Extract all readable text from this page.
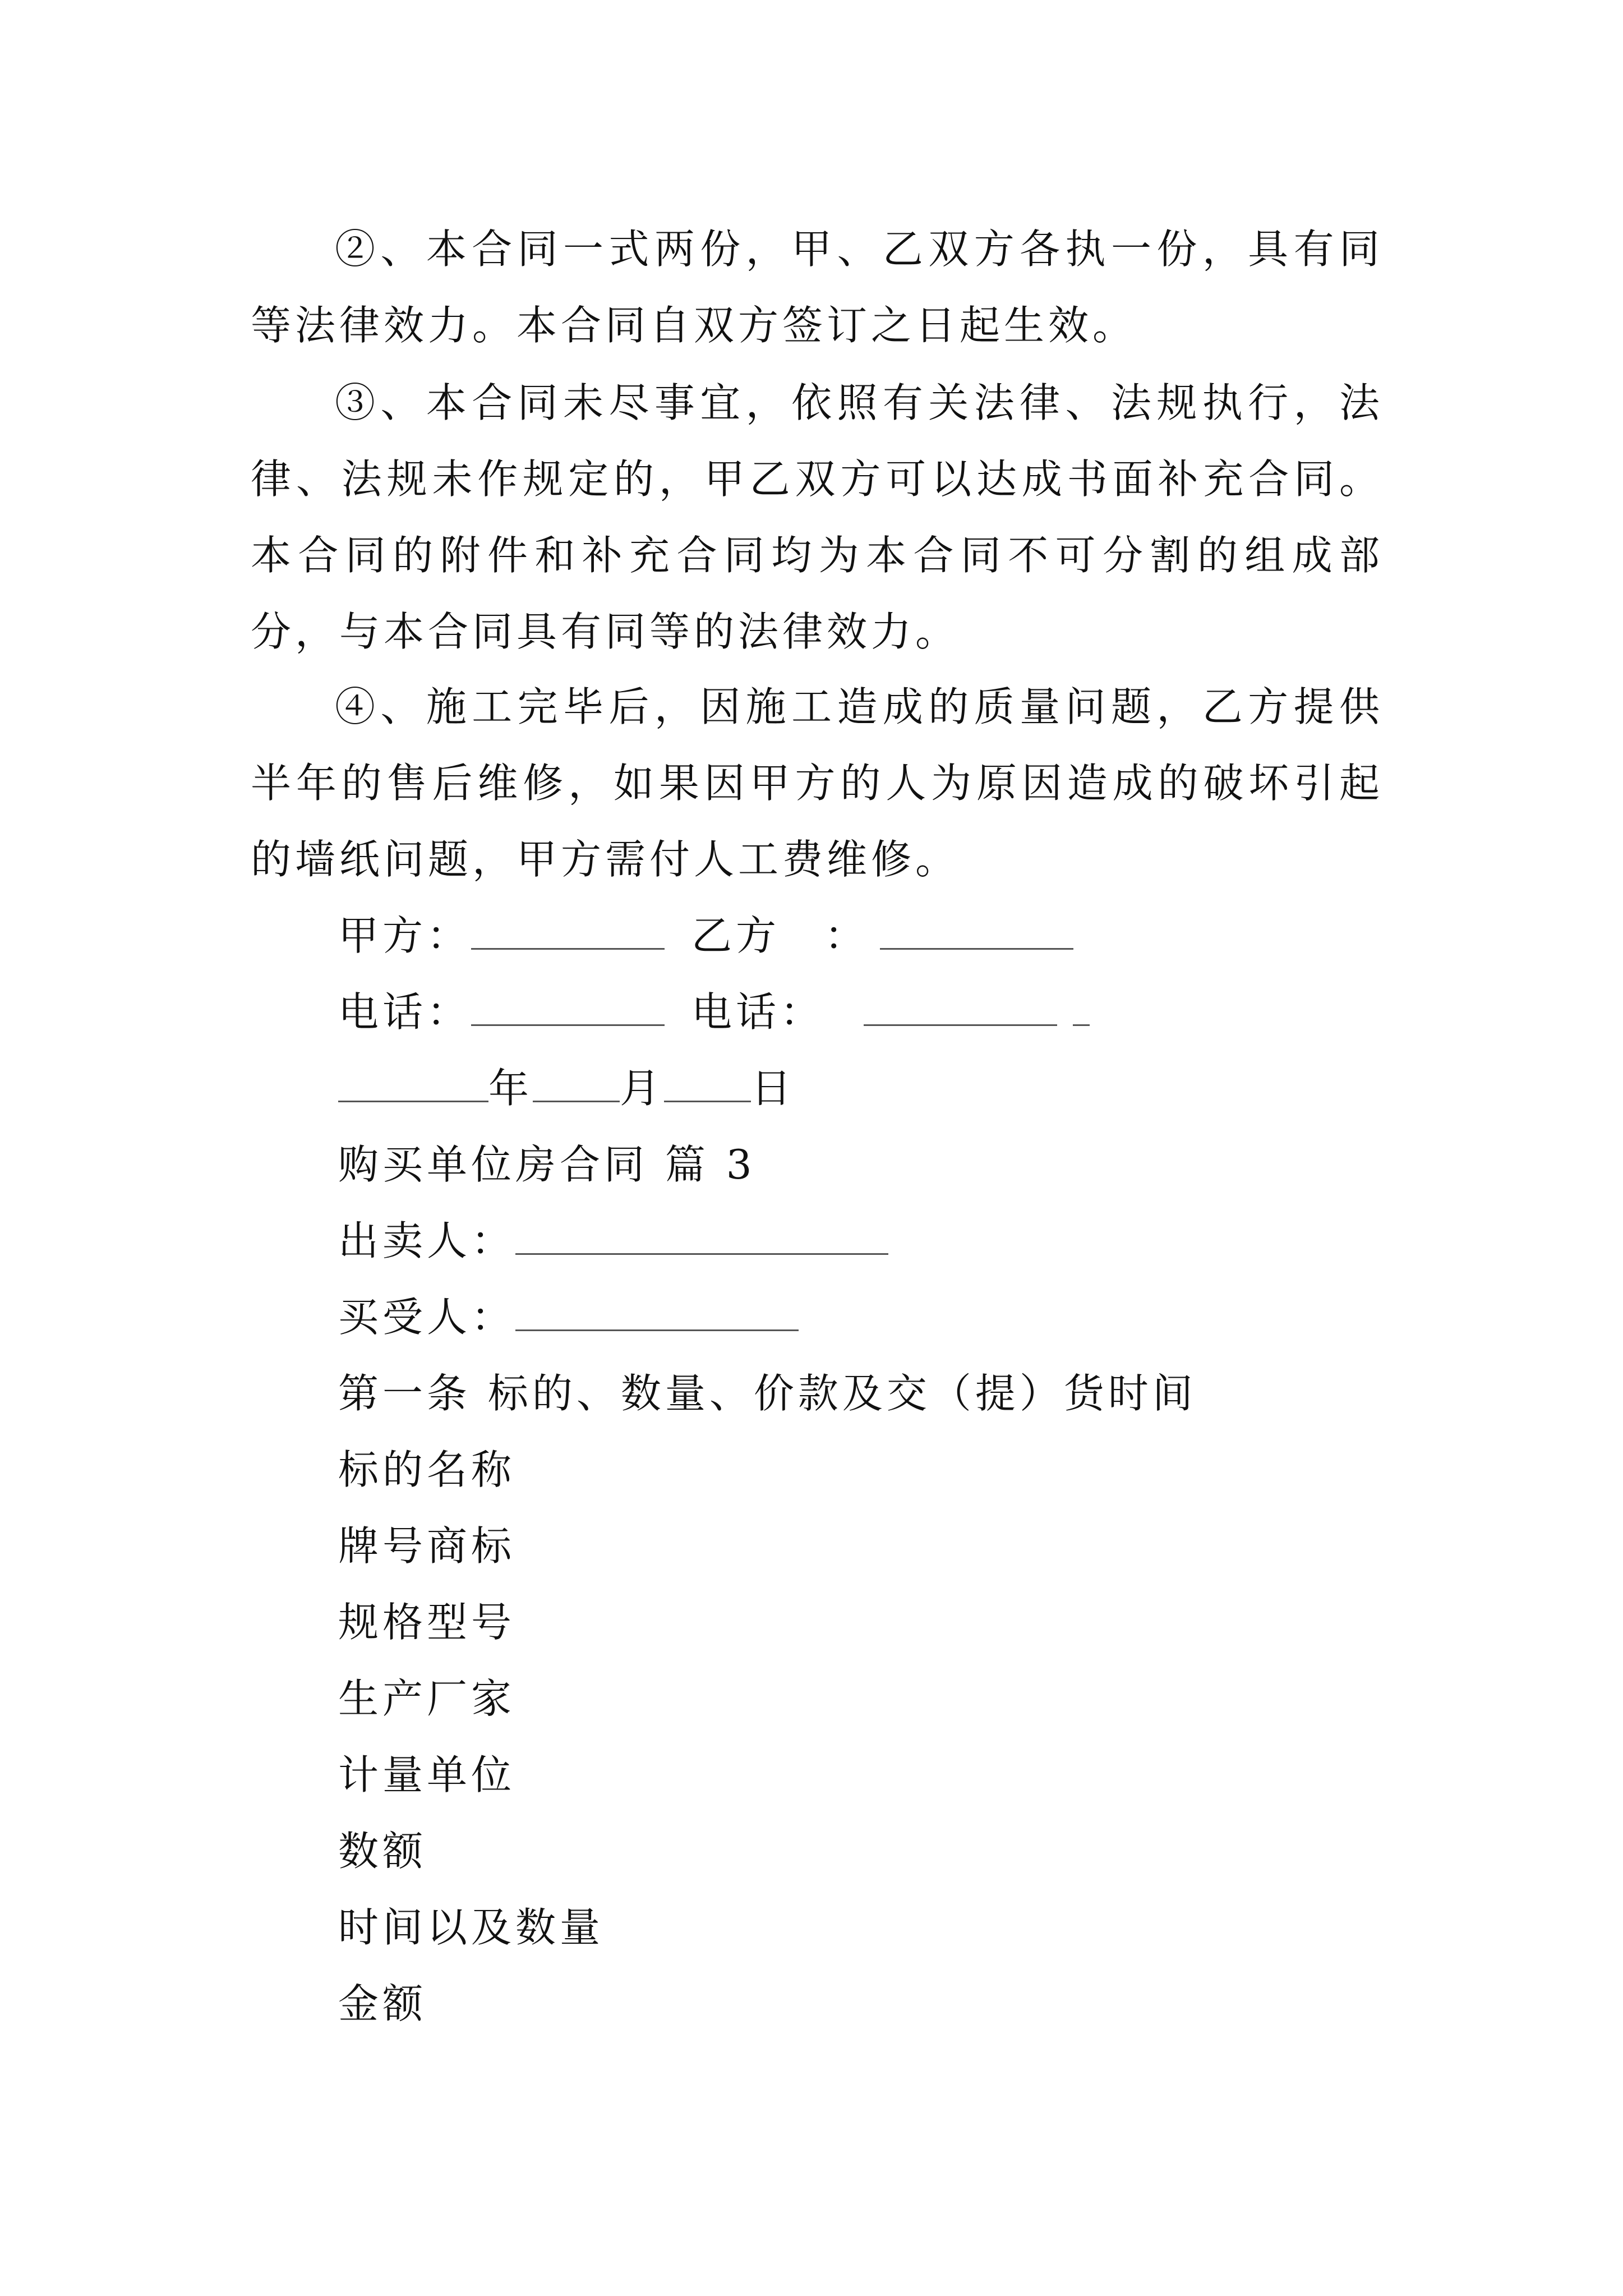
②、本合同一式两份，甲、乙双方各执一份，具有同等法律效力。本合同自双方签订之日起生效。

③、本合同未尽事宜，依照有关法律、法规执行，法律、法规未作规定的，甲乙双方可以达成书面补充合同。本合同的附件和补充合同均为本合同不可分割的组成部分，与本合同具有同等的法律效力。

④、施工完毕后，因施工造成的质量问题，乙方提供半年的售后维修，如果因甲方的人为原因造成的破坏引起的墙纸问题，甲方需付人工费维修。

甲方：	乙方　：
电话：	电话：
年 月 日
购买单位房合同 篇 3
出卖人：
买受人：
第一条 标的、数量、价款及交（提）货时间
标的名称
牌号商标
规格型号
生产厂家
计量单位
数额
时间以及数量
金额
